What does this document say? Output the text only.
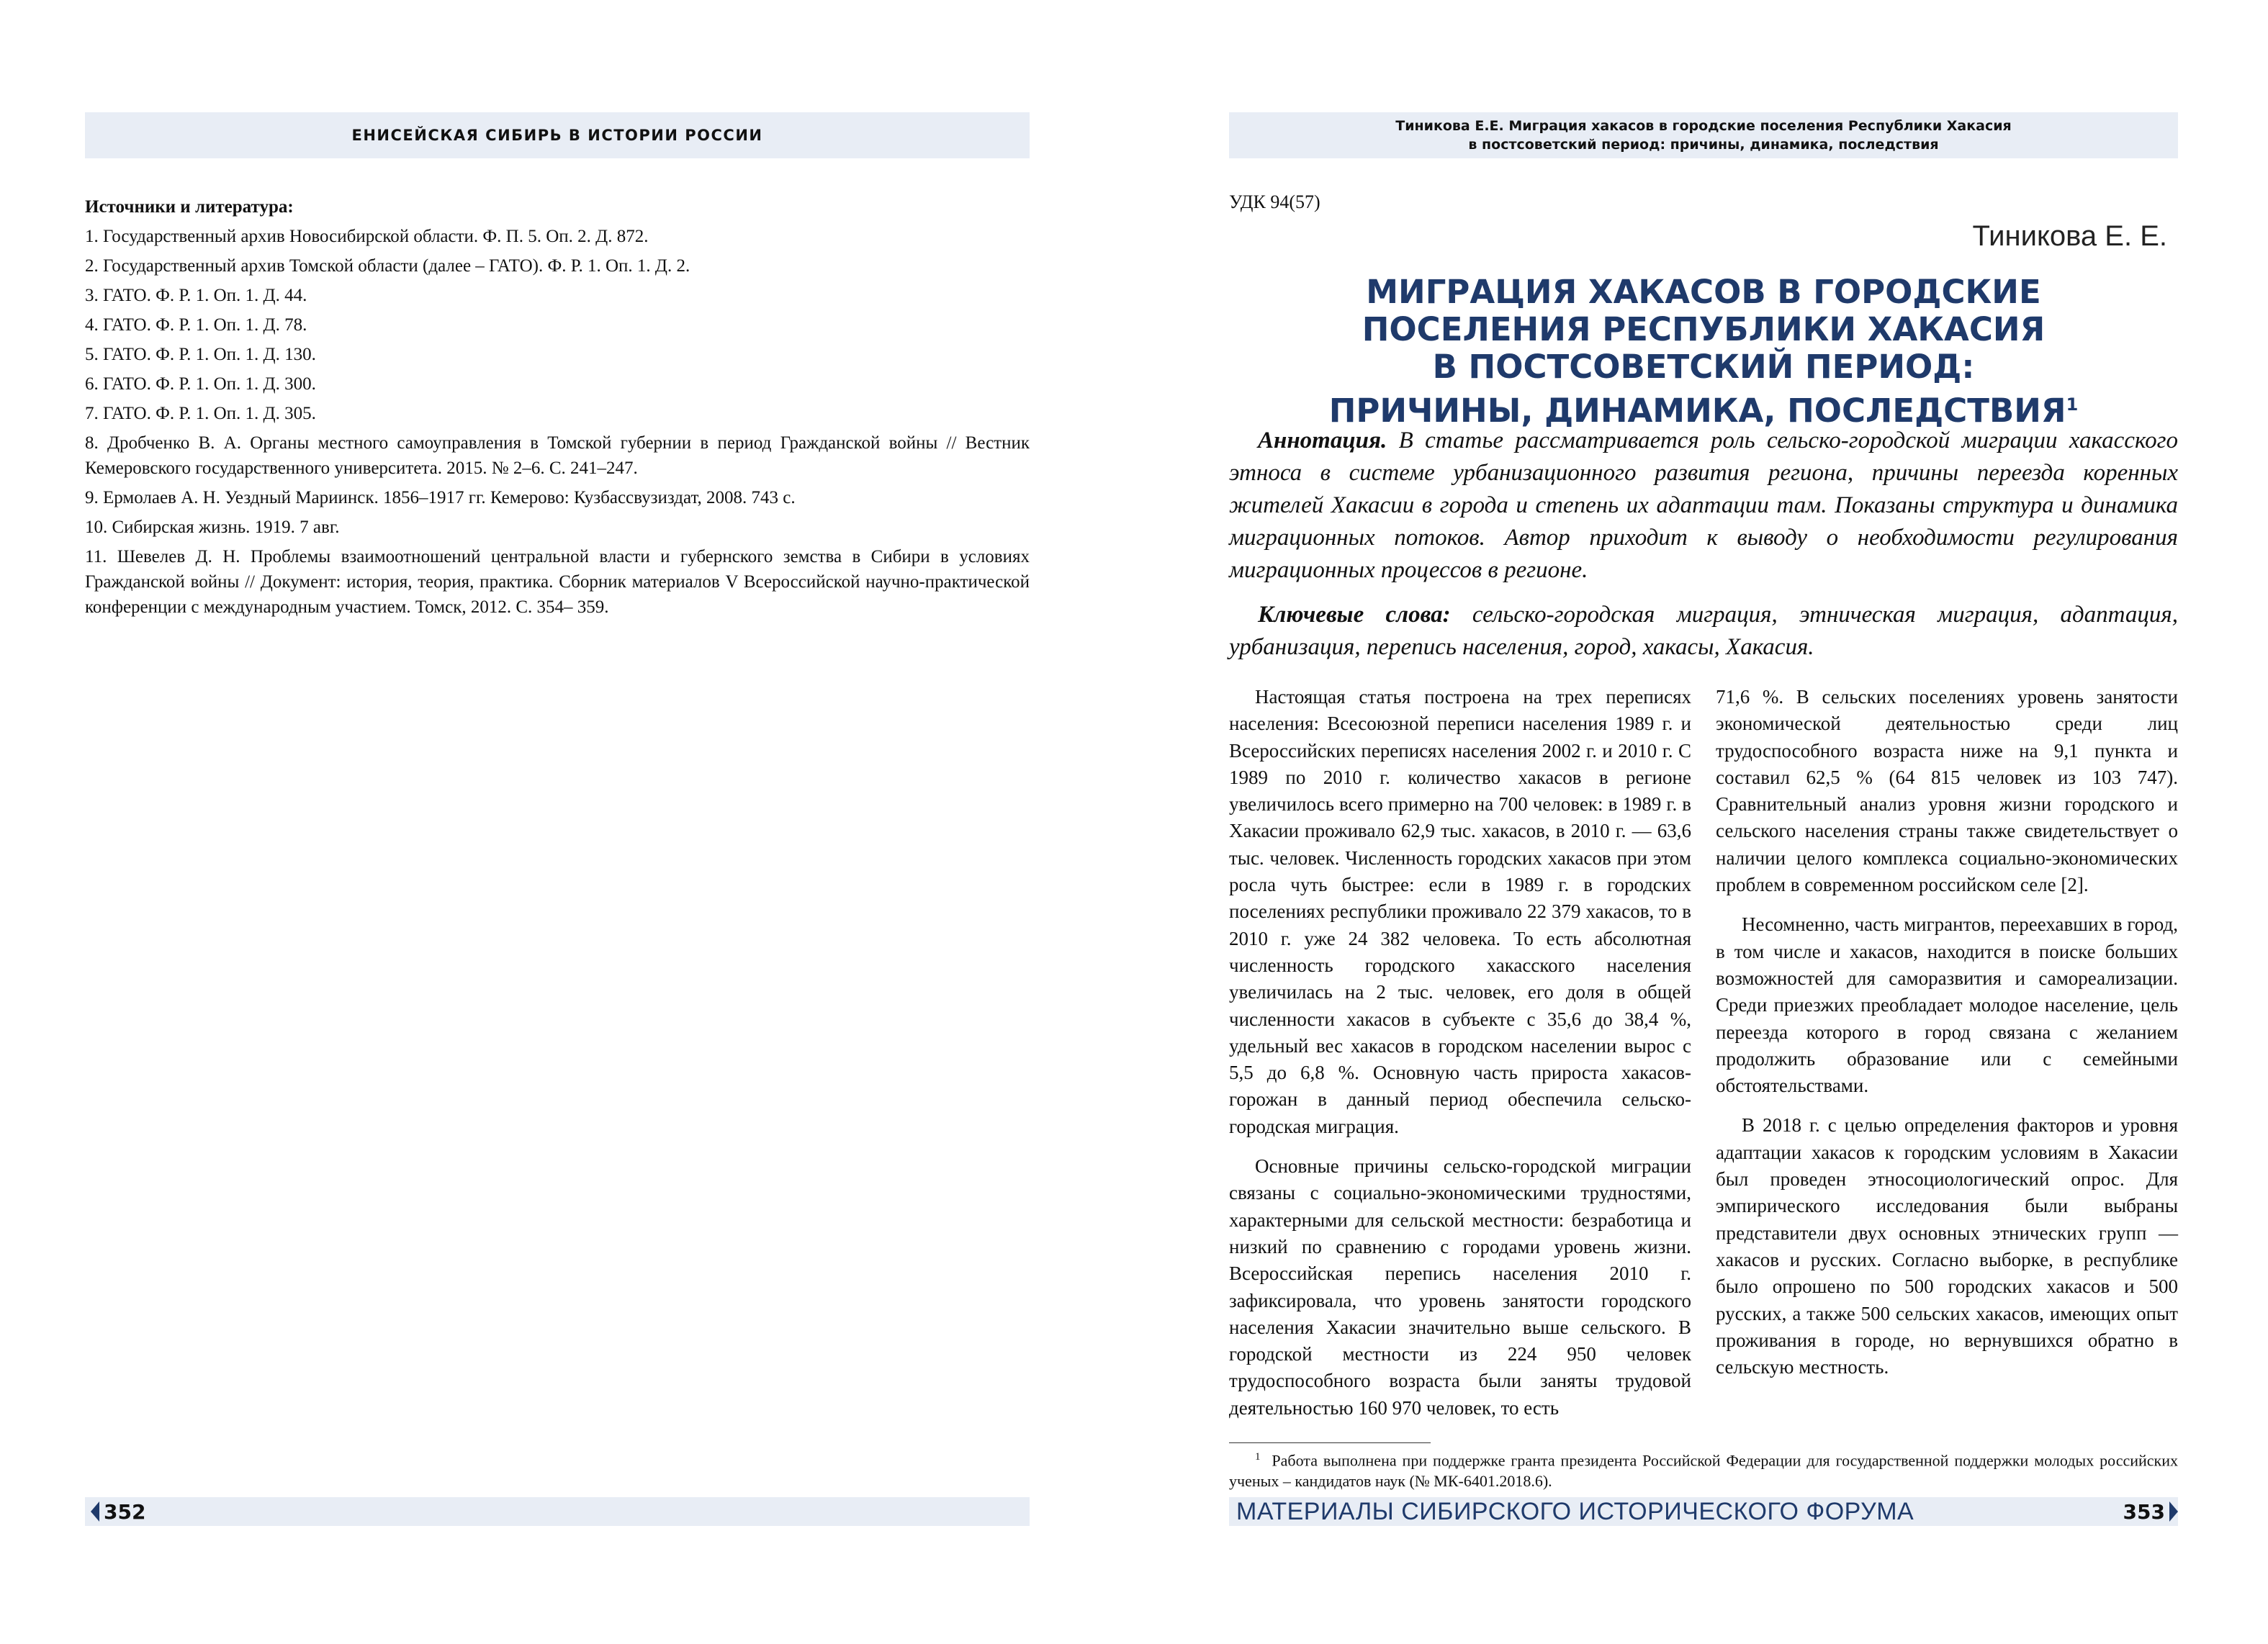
ЕНИСЕЙСКАЯ СИБИРЬ В ИСТОРИИ РОССИИ
Источники и литература:
1. Государственный архив Новосибирской области. Ф. П. 5. Оп. 2. Д. 872.
2. Государственный архив Томской области (далее – ГАТО). Ф. Р. 1. Оп. 1. Д. 2.
3. ГАТО. Ф. Р. 1. Оп. 1. Д. 44.
4. ГАТО. Ф. Р. 1. Оп. 1. Д. 78.
5. ГАТО. Ф. Р. 1. Оп. 1. Д. 130.
6. ГАТО. Ф. Р. 1. Оп. 1. Д. 300.
7. ГАТО. Ф. Р. 1. Оп. 1. Д. 305.
8. Дробченко В. А. Органы местного самоуправления в Томской губернии в период Гражданской войны // Вестник Кемеровского государственного университета. 2015. № 2–6. С. 241–247.
9. Ермолаев А. Н. Уездный Мариинск. 1856–1917 гг. Кемерово: Кузбассвузиздат, 2008. 743 с.
10. Сибирская жизнь. 1919. 7 авг.
11. Шевелев Д. Н. Проблемы взаимоотношений центральной власти и губернского земства в Сибири в условиях Гражданской войны // Документ: история, теория, практика. Сборник материалов V Всероссийской научно-практической конференции с международным участием. Томск, 2012. С. 354– 359.
352
Тиникова Е.Е. Миграция хакасов в городские поселения Республики Хакасия
в постсоветский период: причины, динамика, последствия
УДК 94(57)
Тиникова Е. Е.
МИГРАЦИЯ ХАКАСОВ В ГОРОДСКИЕ
ПОСЕЛЕНИЯ РЕСПУБЛИКИ ХАКАСИЯ
В ПОСТСОВЕТСКИЙ ПЕРИОД:
ПРИЧИНЫ, ДИНАМИКА, ПОСЛЕДСТВИЯ$^1$
Аннотация. В статье рассматривается роль сельско-городской миграции хакасского этноса в системе урбанизационного развития региона, причины переезда коренных жителей Хакасии в города и степень их адаптации там. Показаны структура и динамика миграционных потоков. Автор приходит к выводу о необходимости регулирования миграционных процессов в регионе.
Ключевые слова: сельско-городская миграция, этническая миграция, адаптация, урбанизация, перепись населения, город, хакасы, Хакасия.

Настоящая статья построена на трех переписях населения: Всесоюзной переписи населения 1989 г. и Всероссийских переписях населения 2002 г. и 2010 г. С 1989 по 2010 г. количество хакасов в регионе увеличилось всего примерно на 700 человек: в 1989 г. в Хакасии проживало 62,9 тыс. хакасов, в 2010 г. — 63,6 тыс. человек. Численность городских хакасов при этом росла чуть быстрее: если в 1989 г. в городских поселениях республики проживало 22 379 хакасов, то в 2010 г. уже 24 382 человека. То есть абсолютная численность городского хакасского населения увеличилась на 2 тыс. человек, его доля в общей численности хакасов в субъекте с 35,6 до 38,4 %, удельный вес хакасов в городском населении вырос с 5,5 до 6,8 %. Основную часть прироста хакасов-горожан в данный период обеспечила сельско-городская миграция.

Основные причины сельско-городской миграции связаны с социально-экономическими трудностями, характерными для сельской местности: безработица и низкий по сравнению с городами уровень жизни. Всероссийская перепись населения 2010 г. зафиксировала, что уровень занятости городского населения Хакасии значительно выше сельского. В городской местности из 224 950 человек трудоспособного возраста были заняты трудовой деятельностью 160 970 человек, то есть

71,6 %. В сельских поселениях уровень занятости экономической деятельностью среди лиц трудоспособного возраста ниже на 9,1 пункта и составил 62,5 % (64 815 человек из 103 747). Сравнительный анализ уровня жизни городского и сельского населения страны также свидетельствует о наличии целого комплекса социально-экономических проблем в современном российском селе [2].

Несомненно, часть мигрантов, переехавших в город, в том числе и хакасов, находится в поиске больших возможностей для саморазвития и самореализации. Среди приезжих преобладает молодое население, цель переезда которого в город связана с желанием продолжить образование или с семейными обстоятельствами.

В 2018 г. с целью определения факторов и уровня адаптации хакасов к городским условиям в Хакасии был проведен этносоциологический опрос. Для эмпирического исследования были выбраны представители двух основных этнических групп — хакасов и русских. Согласно выборке, в республике было опрошено по 500 городских хакасов и 500 русских, а также 500 сельских хакасов, имеющих опыт проживания в городе, но вернувшихся обратно в сельскую местность.

$^1$ Работа выполнена при поддержке гранта президента Российской Федерации для государственной поддержки молодых российских ученых – кандидатов наук (№ МК-6401.2018.6).
МАТЕРИАЛЫ СИБИРСКОГО ИСТОРИЧЕСКОГО ФОРУМА	353
